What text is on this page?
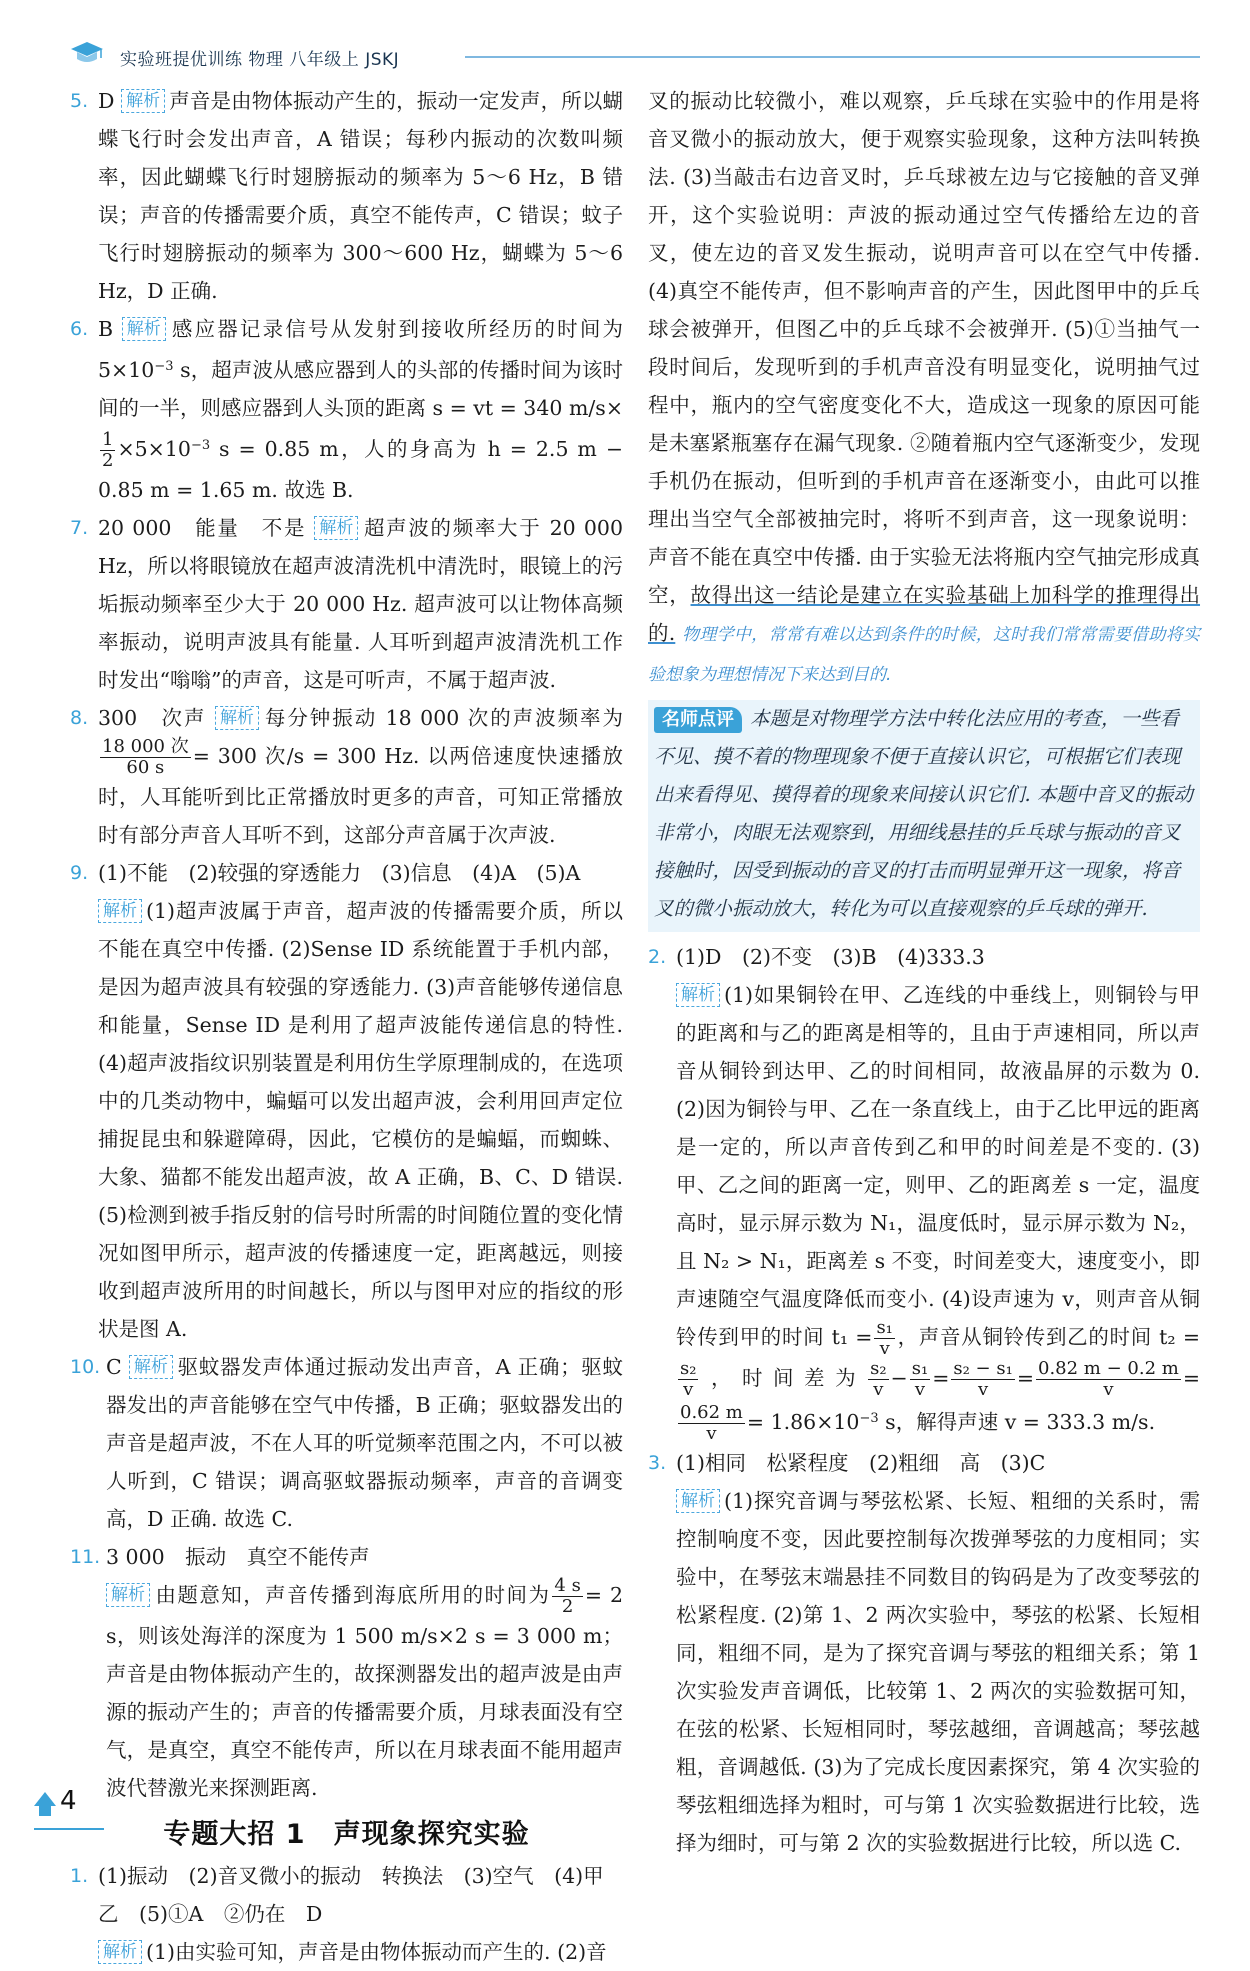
实验班提优训练 物理 八年级上 JSKJ

5. D 解析 声音是由物体振动产生的，振动一定发声，所以蝴蝶飞行时会发出声音，A 错误；每秒内振动的次数叫频率，因此蝴蝶飞行时翅膀振动的频率为 5～6 Hz，B 错误；声音的传播需要介质，真空不能传声，C 错误；蚊子飞行时翅膀振动的频率为 300～600 Hz，蝴蝶为 5～6 Hz，D 正确.

6. B 解析 感应器记录信号从发射到接收所经历的时间为 $5\times 10^{-3}$ s，超声波从感应器到人的头部的传播时间为该时间的一半，则感应器到人头顶的距离 s = vt = 340 m/s×
$\frac{1}{2} \times 5\times 10^{-3}$ s = 0.85 m，人的身高为 h = 2.5 m − 0.85 m = 1.65 m. 故选 B.

7. 20 000　能量　不是 解析 超声波的频率大于 20 000 Hz，所以将眼镜放在超声波清洗机中清洗时，眼镜上的污垢振动频率至少大于 20 000 Hz. 超声波可以让物体高频率振动，说明声波具有能量. 人耳听到超声波清洗机工作时发出“嗡嗡”的声音，这是可听声，不属于超声波.

8. 300　次声 解析 每分钟振动 18 000 次的声波频率为
$\frac{\text{18 000 次}}{60 s} = 300$ 次/s = 300 Hz. 以两倍速度快速播放时，人耳能听到比正常播放时更多的声音，可知正常播放时有部分声音人耳听不到，这部分声音属于次声波.

9. (1)不能　(2)较强的穿透能力　(3)信息　(4)A　(5)A
解析 (1)超声波属于声音，超声波的传播需要介质，所以不能在真空中传播. (2)Sense ID 系统能置于手机内部，是因为超声波具有较强的穿透能力. (3)声音能够传递信息和能量，Sense ID 是利用了超声波能传递信息的特性. (4)超声波指纹识别装置是利用仿生学原理制成的，在选项中的几类动物中，蝙蝠可以发出超声波，会利用回声定位捕捉昆虫和躲避障碍，因此，它模仿的是蝙蝠，而蜘蛛、大象、猫都不能发出超声波，故 A 正确，B、C、D 错误. (5)检测到被手指反射的信号时所需的时间随位置的变化情况如图甲所示，超声波的传播速度一定，距离越远，则接收到超声波所用的时间越长，所以与图甲对应的指纹的形状是图 A.

10. C 解析 驱蚊器发声体通过振动发出声音，A 正确；驱蚊器发出的声音能够在空气中传播，B 正确；驱蚊器发出的声音是超声波，不在人耳的听觉频率范围之内，不可以被人听到，C 错误；调高驱蚊器振动频率，声音的音调变高，D 正确. 故选 C.

11. 3 000　振动　真空不能传声
解析 由题意知，声音传播到海底所用的时间为 $\frac{4 s}{2} = 2$ s，则该处海洋的深度为 1 500 m/s×2 s = 3 000 m；声音是由物体振动产生的，故探测器发出的超声波是由声源的振动产生的；声音的传播需要介质，月球表面没有空气，是真空，真空不能传声，所以在月球表面不能用超声波代替激光来探测距离.

专题大招 1　声现象探究实验

1. (1)振动　(2)音叉微小的振动　转换法　(3)空气　(4)甲
乙　(5)①A　②仍在　D
解析 (1)由实验可知，声音是由物体振动而产生的. (2)音

叉的振动比较微小，难以观察，乒乓球在实验中的作用是将音叉微小的振动放大，便于观察实验现象，这种方法叫转换法. (3)当敲击右边音叉时，乒乓球被左边与它接触的音叉弹开，这个实验说明：声波的振动通过空气传播给左边的音叉，使左边的音叉发生振动，说明声音可以在空气中传播. (4)真空不能传声，但不影响声音的产生，因此图甲中的乒乓球会被弹开，但图乙中的乒乓球不会被弹开. (5)①当抽气一段时间后，发现听到的手机声音没有明显变化，说明抽气过程中，瓶内的空气密度变化不大，造成这一现象的原因可能是未塞紧瓶塞存在漏气现象. ②随着瓶内空气逐渐变少，发现手机仍在振动，但听到的手机声音在逐渐变小，由此可以推理出当空气全部被抽完时，将听不到声音，这一现象说明：声音不能在真空中传播. 由于实验无法将瓶内空气抽完形成真空，故得出这一结论是建立在实验基础上加科学的推理得出的. 物理学中，常常有难以达到条件的时候，这时我们常常需要借助将实验想象为理想情况下来达到目的.

名师点评 本题是对物理学方法中转化法应用的考查，一些看不见、摸不着的物理现象不便于直接认识它，可根据它们表现出来看得见、摸得着的现象来间接认识它们. 本题中音叉的振动非常小，肉眼无法观察到，用细线悬挂的乒乓球与振动的音叉接触时，因受到振动的音叉的打击而明显弹开这一现象，将音叉的微小振动放大，转化为可以直接观察的乒乓球的弹开.

2. (1)D　(2)不变　(3)B　(4)333.3
解析 (1)如果铜铃在甲、乙连线的中垂线上，则铜铃与甲的距离和与乙的距离是相等的，且由于声速相同，所以声音从铜铃到达甲、乙的时间相同，故液晶屏的示数为 0. (2)因为铜铃与甲、乙在一条直线上，由于乙比甲远的距离是一定的，所以声音传到乙和甲的时间差是不变的. (3)甲、乙之间的距离一定，则甲、乙的距离差 s 一定，温度高时，显示屏示数为 N₁，温度低时，显示屏示数为 N₂，且 N₂ > N₁，距离差 s 不变，时间差变大，速度变小，即声速随空气温度降低而变小. (4)设声速为 v，则声音从铜铃传到甲的时间 $t_1 = \frac{\text{s₁}}{v}$ ，声音从铜铃传到乙的时间 t₂ =
$\frac{\text{s₂}}{v}$ ，时间差为 $\frac{\text{s₂}}{v} - \frac{\text{s₁}}{v} = \frac{\text{s₂ − s₁}}{v} = \frac{0.82 m - 0.2 m}{v}$ =
$\frac{0.62 m}{v} = 1.86\times 10^{-3}$ s，解得声速 v = 333.3 m/s.

3. (1)相同　松紧程度　(2)粗细　高　(3)C
解析 (1)探究音调与琴弦松紧、长短、粗细的关系时，需控制响度不变，因此要控制每次拨弹琴弦的力度相同；实验中，在琴弦末端悬挂不同数目的钩码是为了改变琴弦的松紧程度. (2)第 1、2 两次实验中，琴弦的松紧、长短相同，粗细不同，是为了探究音调与琴弦的粗细关系；第 1 次实验发声音调低，比较第 1、2 两次的实验数据可知，在弦的松紧、长短相同时，琴弦越细，音调越高；琴弦越粗，音调越低. (3)为了完成长度因素探究，第 4 次实验的琴弦粗细选择为粗时，可与第 1 次实验数据进行比较，选择为细时，可与第 2 次的实验数据进行比较，所以选 C.

4
